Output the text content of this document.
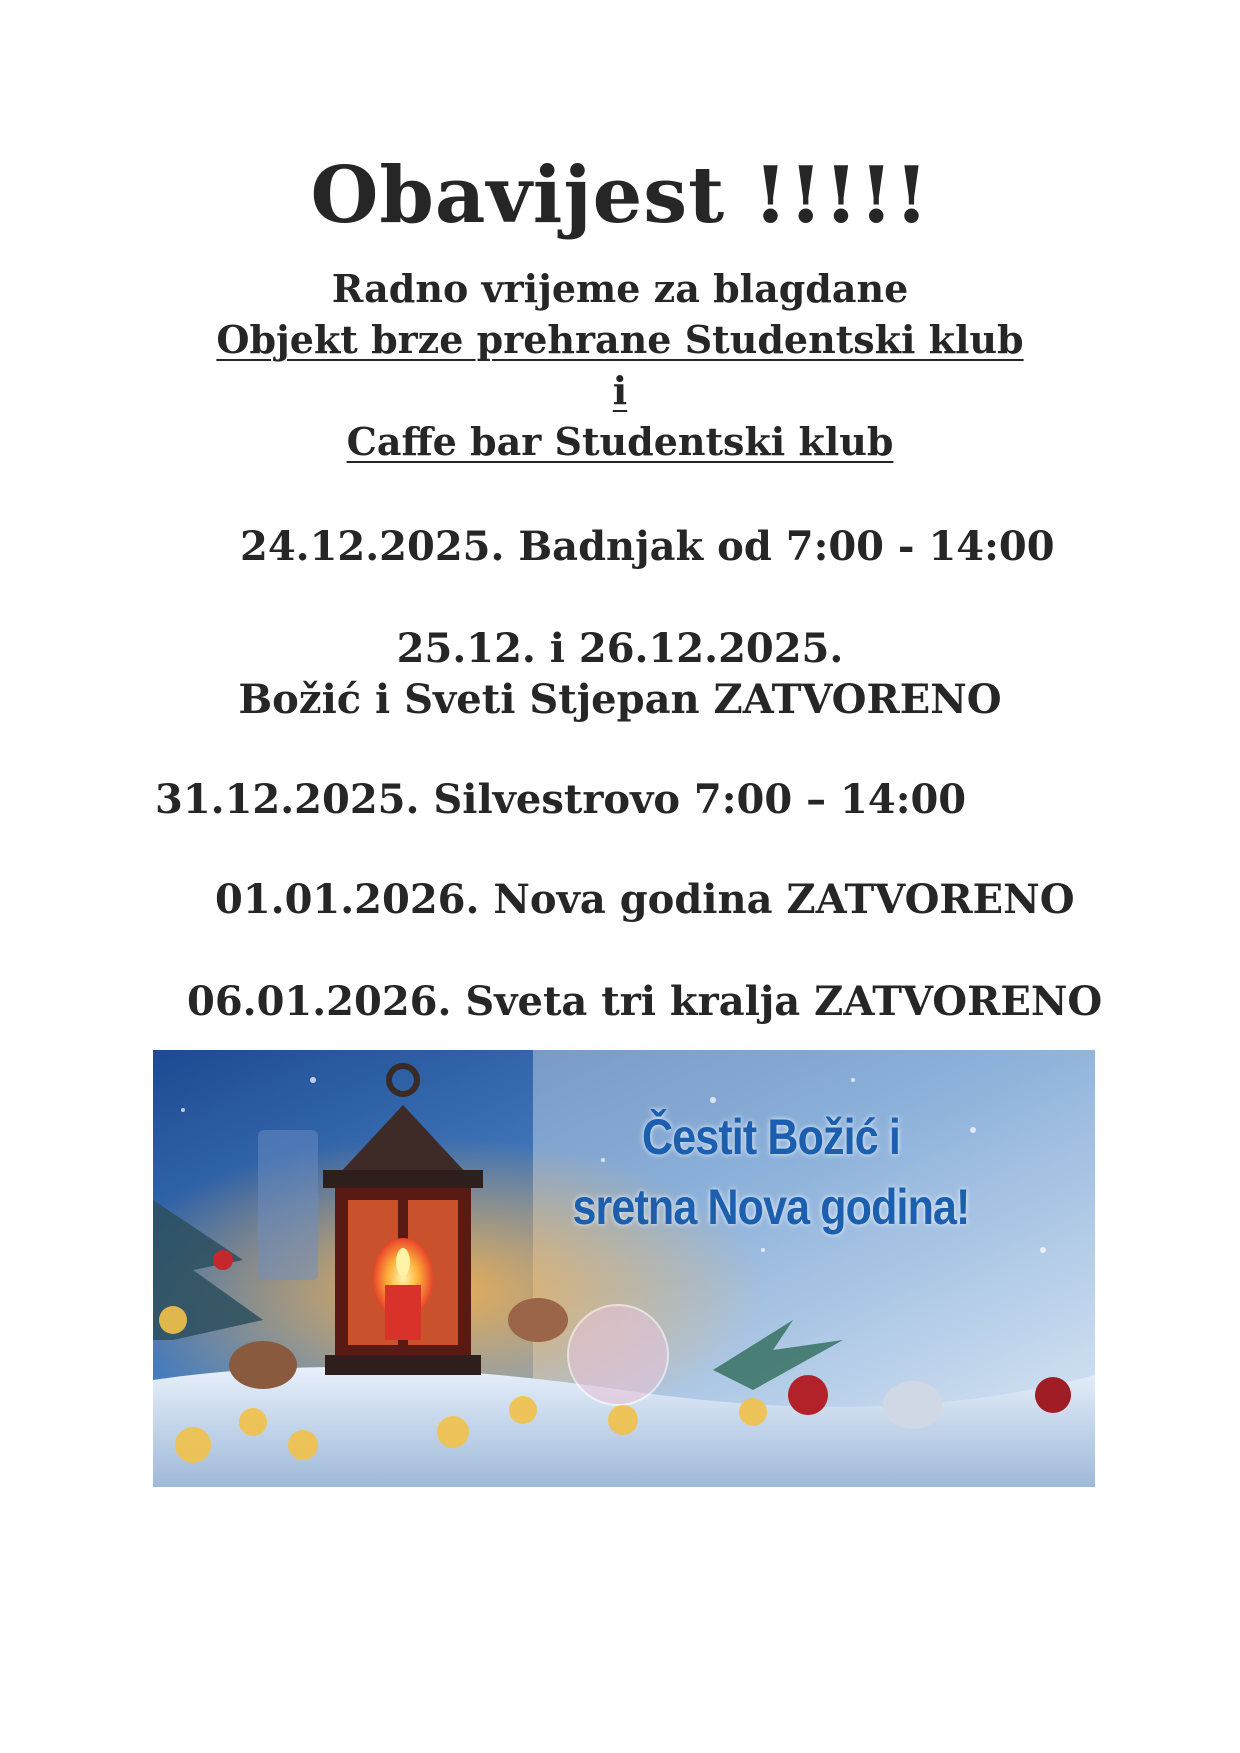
Obavijest !!!!!
Radno vrijeme za blagdane
Objekt brze prehrane Studentski klub
i
Caffe bar Studentski klub
24.12.2025. Badnjak od 7:00 - 14:00
25.12. i 26.12.2025.
Božić i Sveti Stjepan ZATVORENO
31.12.2025. Silvestrovo 7:00 – 14:00
01.01.2026. Nova godina ZATVORENO
06.01.2026. Sveta tri kralja ZATVORENO
Čestit Božić i
sretna Nova godina!
